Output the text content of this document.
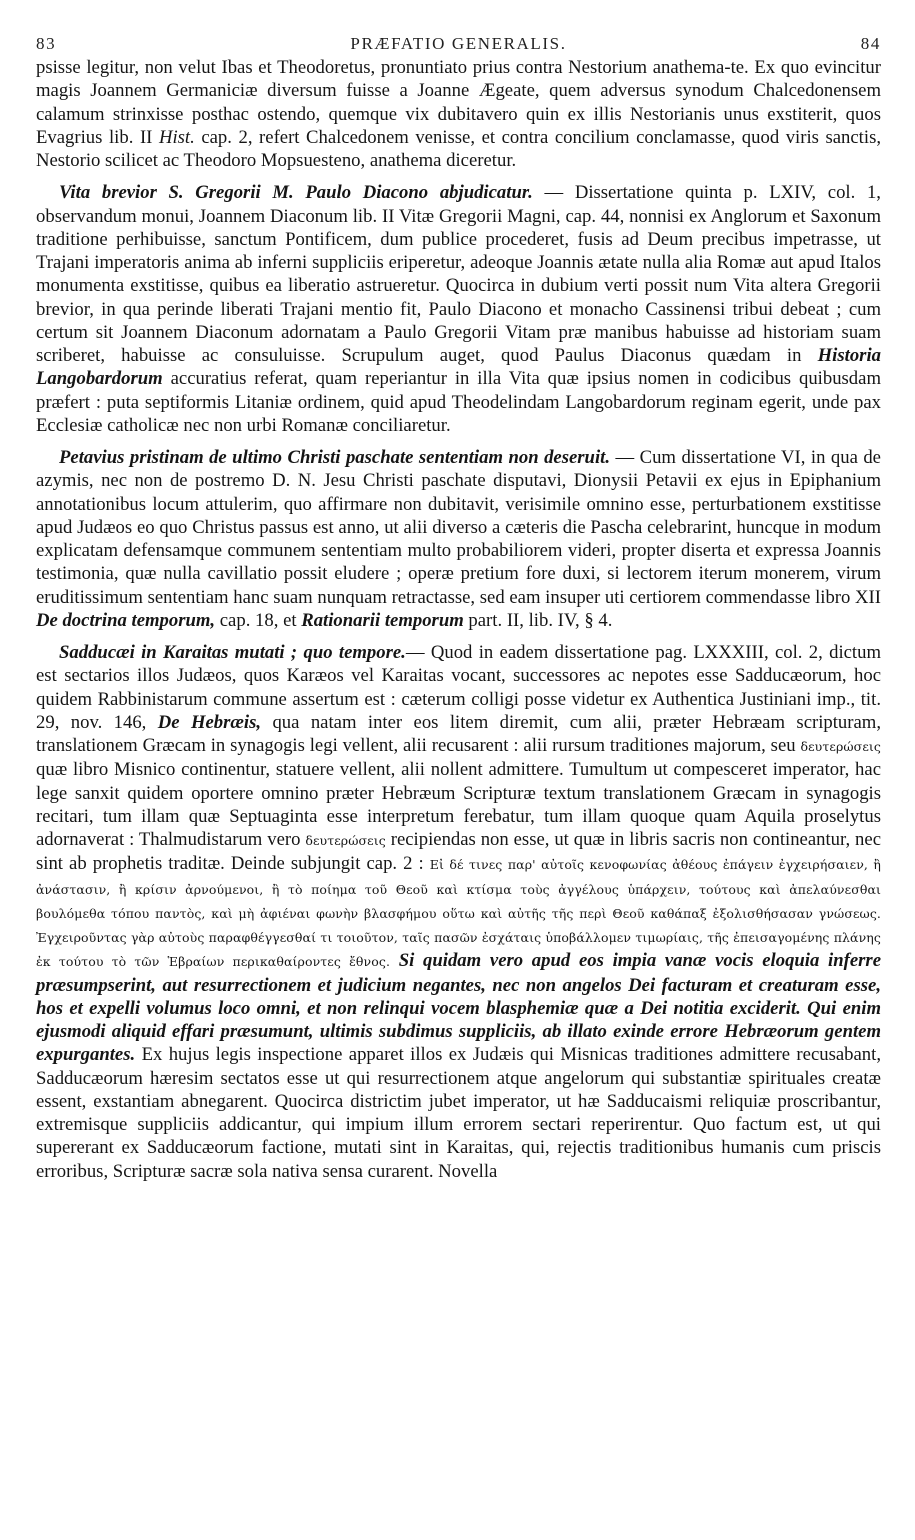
83	PRÆFATIO GENERALIS.	84

psisse legitur, non velut Ibas et Theodoretus, pronuntiato prius contra Nestorium anathema-te. Ex quo evincitur magis Joannem Germaniciæ diversum fuisse a Joanne Ægeate, quem adversus synodum Chalcedonensem calamum strinxisse posthac ostendo, quemque vix dubitavero quin ex illis Nestorianis unus exstiterit, quos Evagrius lib. II Hist. cap. 2, refert Chalcedonem venisse, et contra concilium conclamasse, quod viris sanctis, Nestorio scilicet ac Theodoro Mopsuesteno, anathema diceretur.

Vita brevior S. Gregorii M. Paulo Diacono abjudicatur. — Dissertatione quinta p. LXIV, col. 1, observandum monui, Joannem Diaconum lib. II Vitæ Gregorii Magni, cap. 44, nonnisi ex Anglorum et Saxonum traditione perhibuisse, sanctum Pontificem, dum publice procederet, fusis ad Deum precibus impetrasse, ut Trajani imperatoris anima ab inferni suppliciis eriperetur, adeoque Joannis ætate nulla alia Romæ aut apud Italos monumenta exstitisse, quibus ea liberatio astrueretur. Quocirca in dubium verti possit num Vita altera Gregorii brevior, in qua perinde liberati Trajani mentio fit, Paulo Diacono et monacho Cassinensi tribui debeat ; cum certum sit Joannem Diaconum adornatam a Paulo Gregorii Vitam præ manibus habuisse ad historiam suam scriberet, habuisse ac consuluisse. Scrupulum auget, quod Paulus Diaconus quædam in Historia Langobardorum accuratius referat, quam reperiantur in illa Vita quæ ipsius nomen in codicibus quibusdam præfert : puta septiformis Litaniæ ordinem, quid apud Theodelindam Langobardorum reginam egerit, unde pax Ecclesiæ catholicæ nec non urbi Romanæ conciliaretur.

Petavius pristinam de ultimo Christi paschate sententiam non deseruit. — Cum dissertatione VI, in qua de azymis, nec non de postremo D. N. Jesu Christi paschate disputavi, Dionysii Petavii ex ejus in Epiphanium annotationibus locum attulerim, quo affirmare non dubitavit, verisimile omnino esse, perturbationem exstitisse apud Judæos eo quo Christus passus est anno, ut alii diverso a cæteris die Pascha celebrarint, huncque in modum explicatam defensamque communem sententiam multo probabiliorem videri, propter diserta et expressa Joannis testimonia, quæ nulla cavillatio possit eludere ; operæ pretium fore duxi, si lectorem iterum monerem, virum eruditissimum sententiam hanc suam nunquam retractasse, sed eam insuper uti certiorem commendasse libro XII De doctrina temporum, cap. 18, et Rationarii temporum part. II, lib. IV, § 4.

Sadducæi in Karaitas mutati ; quo tempore.— Quod in eadem dissertatione pag. LXXXIII, col. 2, dictum est sectarios illos Judæos, quos Karæos vel Karaitas vocant, successores ac nepotes esse Sadducæorum, hoc quidem Rabbinistarum commune assertum est : cæterum colligi posse videtur ex Authentica Justiniani imp., tit. 29, nov. 146, De Hebræis, qua natam inter eos litem diremit, cum alii, præter Hebræam scripturam, translationem Græcam in synagogis legi vellent, alii recusarent : alii rursum traditiones majorum, seu δευτερώσεις quæ libro Misnico continentur, statuere vellent, alii nollent admittere. Tumultum ut compesceret imperator, hac lege sanxit quidem oportere omnino præter Hebræum Scripturæ textum translationem Græcam in synagogis recitari, tum illam quæ Septuaginta esse interpretum ferebatur, tum illam quoque quam Aquila proselytus adornaverat : Thalmudistarum vero δευτερώσεις recipiendas non esse, ut quæ in libris sacris non contineantur, nec sint ab prophetis traditæ. Deinde subjungit cap. 2 : Εἰ δέ τινες παρ' αὐτοῖς κενοφωνίας ἀθέους ἐπάγειν ἐγχειρήσαιεν, ἢ ἀνάστασιν, ἢ κρίσιν ἀρνούμενοι, ἢ τὸ ποίημα τοῦ Θεοῦ καὶ κτίσμα τοὺς ἀγγέλους ὑπάρχειν, τούτους καὶ ἀπελαύνεσθαι βουλόμεθα τόπου παντὸς, καὶ μὴ ἀφιέναι φωνὴν βλασφήμου οὕτω καὶ αὐτῆς τῆς περὶ Θεοῦ καθάπαξ ἐξολισθήσασαν γνώσεως. Ἐγχειροῦντας γὰρ αὐτοὺς παραφθέγγεσθαί τι τοιοῦτον, ταῖς πασῶν ἐσχάταις ὑποβάλλομεν τιμωρίαις, τῆς ἐπεισαγομένης πλάνης ἐκ τούτου τὸ τῶν Ἑβραίων περικαθαίροντες ἔθνος. Si quidam vero apud eos impia vanæ vocis eloquia inferre præsumpserint, aut resurrectionem et judicium negantes, nec non angelos Dei facturam et creaturam esse, hos et expelli volumus loco omni, et non relinqui vocem blasphemiæ quæ a Dei notitia exciderit. Qui enim ejusmodi aliquid effari præsumunt, ultimis subdimus suppliciis, ab illato exinde errore Hebræorum gentem expurgantes. Ex hujus legis inspectione apparet illos ex Judæis qui Misnicas traditiones admittere recusabant, Sadducæorum hæresim sectatos esse ut qui resurrectionem atque angelorum qui substantiæ spirituales creatæ essent, exstantiam abnegarent. Quocirca districtim jubet imperator, ut hæ Sadducaismi reliquiæ proscribantur, extremisque suppliciis addicantur, qui impium illum errorem sectari reperirentur. Quo factum est, ut qui supererant ex Sadducæorum factione, mutati sint in Karaitas, qui, rejectis traditionibus humanis cum priscis erroribus, Scripturæ sacræ sola nativa sensa curarent. Novella
